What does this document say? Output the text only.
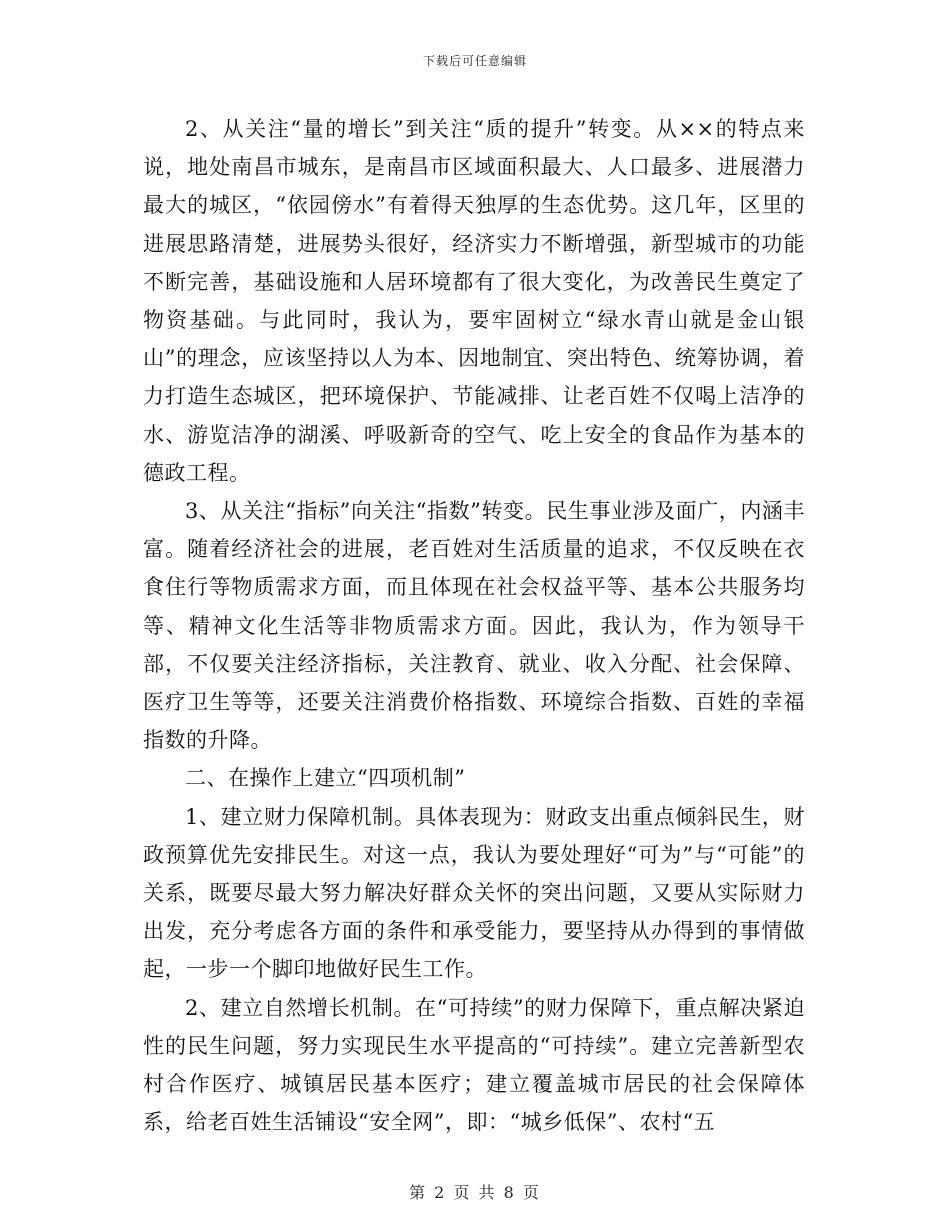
下载后可任意编辑

2、从关注“量的增长”到关注“质的提升”转变。从××的特点来说，地处南昌市城东，是南昌市区域面积最大、人口最多、进展潜力最大的城区，“依园傍水”有着得天独厚的生态优势。这几年，区里的进展思路清楚，进展势头很好，经济实力不断增强，新型城市的功能不断完善，基础设施和人居环境都有了很大变化，为改善民生奠定了物资基础。与此同时，我认为，要牢固树立“绿水青山就是金山银山”的理念，应该坚持以人为本、因地制宜、突出特色、统筹协调，着力打造生态城区，把环境保护、节能减排、让老百姓不仅喝上洁净的水、游览洁净的湖溪、呼吸新奇的空气、吃上安全的食品作为基本的德政工程。

3、从关注“指标”向关注“指数”转变。民生事业涉及面广，内涵丰富。随着经济社会的进展，老百姓对生活质量的追求，不仅反映在衣食住行等物质需求方面，而且体现在社会权益平等、基本公共服务均等、精神文化生活等非物质需求方面。因此，我认为，作为领导干部，不仅要关注经济指标，关注教育、就业、收入分配、社会保障、医疗卫生等等，还要关注消费价格指数、环境综合指数、百姓的幸福指数的升降。

二、在操作上建立“四项机制”

1、建立财力保障机制。具体表现为：财政支出重点倾斜民生，财政预算优先安排民生。对这一点，我认为要处理好“可为”与“可能”的关系，既要尽最大努力解决好群众关怀的突出问题，又要从实际财力出发，充分考虑各方面的条件和承受能力，要坚持从办得到的事情做起，一步一个脚印地做好民生工作。

2、建立自然增长机制。在“可持续”的财力保障下，重点解决紧迫性的民生问题，努力实现民生水平提高的“可持续”。建立完善新型农村合作医疗、城镇居民基本医疗；建立覆盖城市居民的社会保障体系，给老百姓生活铺设“安全网”，即：“城乡低保”、农村“五

第 2 页 共 8 页
